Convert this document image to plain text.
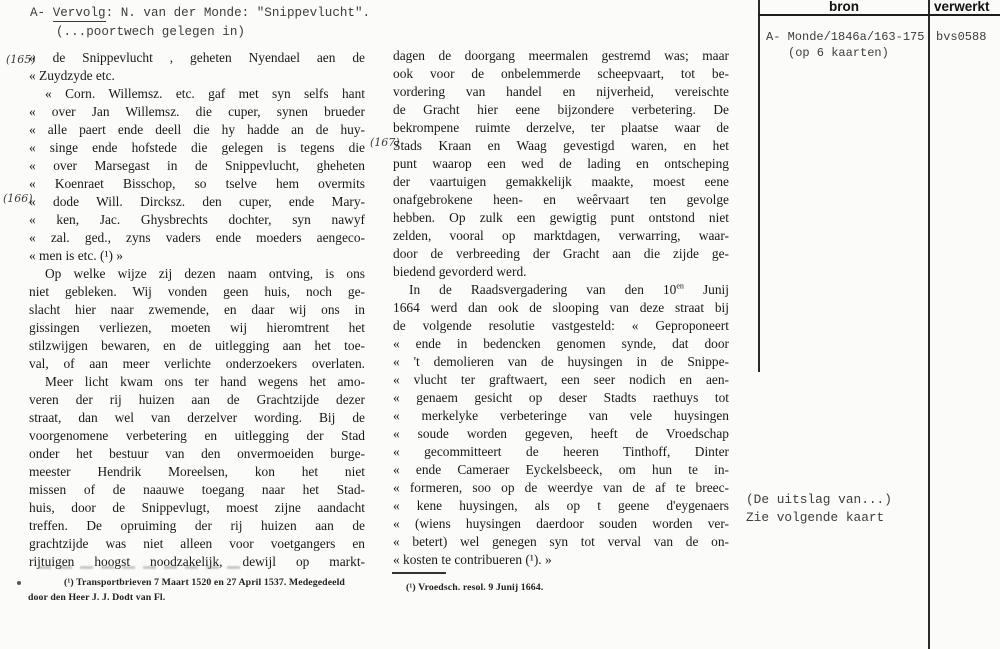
A- Vervolg: N. van der Monde: "Snippevlucht".
(...poortwech gelegen in)
bron	verwerkt
A- Monde/1846a/163-175
(op 6 kaarten)
bvs0588
(De uitslag van...)
Zie volgende kaart
(165)
(166)
(167)
« de Snippevlucht , geheten Nyendael aen de
« Zuydzyde etc.
« Corn. Willemsz. etc. gaf met syn selfs hant
« over Jan Willemsz. die cuper, synen brueder
« alle paert ende deell die hy hadde an de huy-
« singe ende hofstede die gelegen is tegens die
« over Marsegast in de Snippevlucht, gheheten
« Koenraet Bisschop, so tselve hem overmits
« dode Will. Dircksz. den cuper, ende Mary-
« ken, Jac. Ghysbrechts dochter, syn nawyf
« zal. ged., zyns vaders ende moeders aengeco-
« men is etc. (¹) »
Op welke wijze zij dezen naam ontving, is ons
niet gebleken. Wij vonden geen huis, noch ge-
slacht hier naar zwemende, en daar wij ons in
gissingen verliezen, moeten wij hieromtrent het
stilzwijgen bewaren, en de uitlegging aan het toe-
val, of aan meer verlichte onderzoekers overlaten.
Meer licht kwam ons ter hand wegens het amo-
veren der rij huizen aan de Grachtzijde dezer
straat, dan wel van derzelver wording. Bij de
voorgenomene verbetering en uitlegging der Stad
onder het bestuur van den onvermoeiden burge-
meester Hendrik Moreelsen, kon het niet
missen of de naauwe toegang naar het Stad-
huis, door de Snippevlugt, moest zijne aandacht
treffen. De opruiming der rij huizen aan de
grachtzijde was niet alleen voor voetgangers en
rijtuigen hoogst noodzakelijk, dewijl op markt-
dagen de doorgang meermalen gestremd was; maar
ook voor de onbelemmerde scheepvaart, tot be-
vordering van handel en nijverheid, vereischte
de Gracht hier eene bijzondere verbetering. De
bekrompene ruimte derzelve, ter plaatse waar de
Stads Kraan en Waag gevestigd waren, en het
punt waarop een wed de lading en ontscheping
der vaartuigen gemakkelijk maakte, moest eene
onafgebrokene heen- en weêrvaart ten gevolge
hebben. Op zulk een gewigtig punt ontstond niet
zelden, vooral op marktdagen, verwarring, waar-
door de verbreeding der Gracht aan die zijde ge-
biedend gevorderd werd.
In de Raadsvergadering van den $10^{en}$ Junij
1664 werd dan ook de slooping van deze straat bij
de volgende resolutie vastgesteld: « Geproponeert
« ende in bedencken genomen synde, dat door
« 't demolieren van de huysingen in de Snippe-
« vlucht ter graftwaert, een seer nodich en aen-
« genaem gesicht op deser Stadts raethuys tot
« merkelyke verbeteringe van vele huysingen
« soude worden gegeven, heeft de Vroedschap
« gecommitteert de heeren Tinthoff, Dinter
« ende Cameraer Eyckelsbeeck, om hun te in-
« formeren, soo op de weerdye van de af te breec-
« kene huysingen, als op t geene d'eygenaers
« (wiens huysingen daerdoor souden worden ver-
« betert) wel genegen syn tot verval van de on-
« kosten te contribueren (¹). »
(¹) Transportbrieven 7 Maart 1520 en 27 April 1537. Medegedeeld
door den Heer J. J. Dodt van Fl.
(¹) Vroedsch. resol. 9 Junij 1664.
